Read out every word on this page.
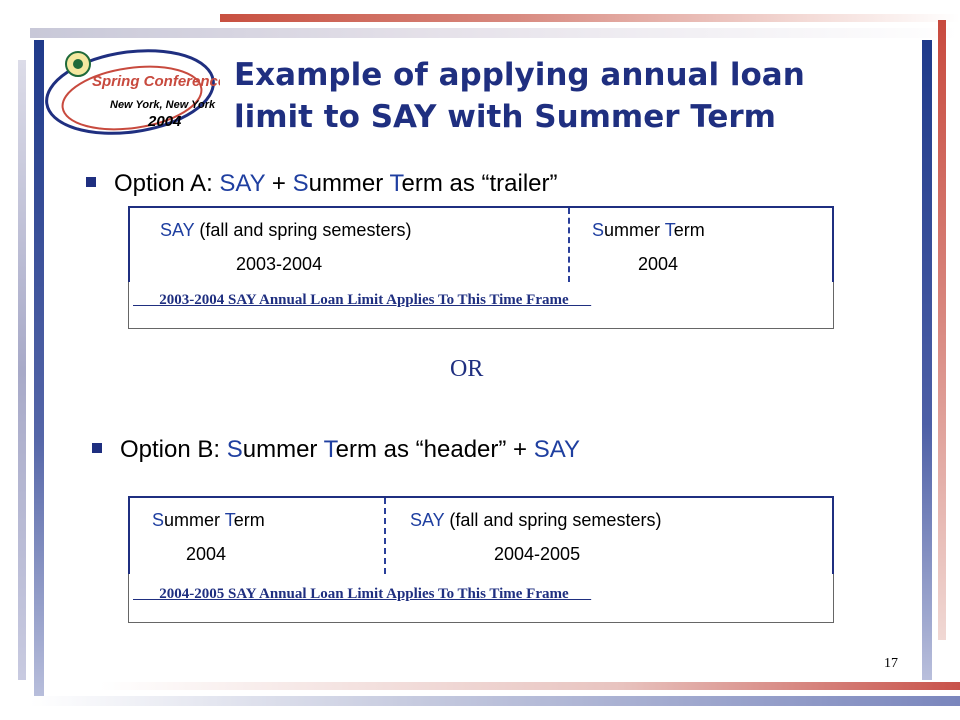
Spring Conference
New York, New York
2004
Example of applying annual loan
limit to SAY with Summer Term
Option A: SAY + Summer Term as “trailer”
SAY (fall and spring semesters)
2003-2004
Summer Term
2004
2003-2004 SAY Annual Loan Limit Applies To This Time Frame
OR
Option B: Summer Term as “header” + SAY
Summer Term
2004
SAY (fall and spring semesters)
2004-2005
2004-2005 SAY Annual Loan Limit Applies To This Time Frame
17
